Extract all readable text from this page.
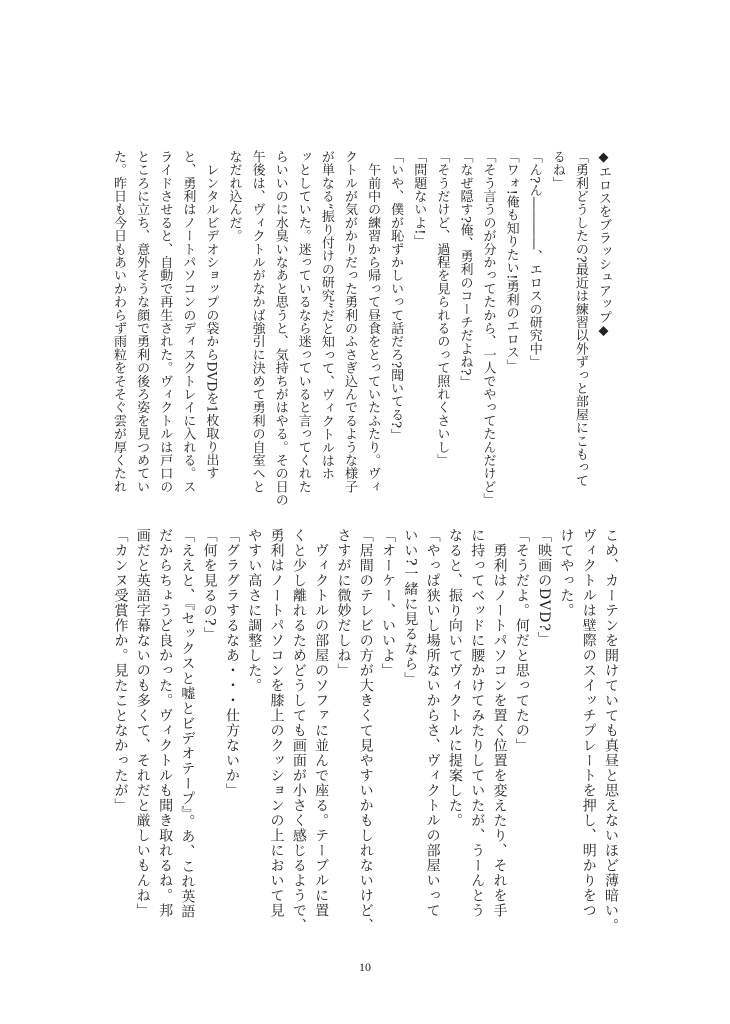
◆エロスをブラッシュアップ◆
「勇利どうしたの?最近は練習以外ずっと部屋にこもって
るね」
「ん?ん――――、エロスの研究中」
「ワォ!俺も知りたい!勇利のエロス」
「そう言うのが分かってたから、一人でやってたんだけど」
「なぜ隠す?俺、勇利のコーチだよね?」
「そうだけど、過程を見られるのって照れくさいし」
「問題ないよ!」
「いや、僕が恥ずかしいって話だろ?聞いてる?」
　午前中の練習から帰って昼食をとっていたふたり。ヴィ
クトルが気がかりだった勇利のふさぎ込んでるような様子
が単なる“振り付けの研究”だと知って、ヴィクトルはホ
ッとしていた。迷っているなら迷っていると言ってくれた
らいいのに水臭いなあと思うと、気持ちがはやる。その日の
午後は、ヴィクトルがなかば強引に決めて勇利の自室へと
なだれ込んだ。
　レンタルビデオショップの袋からDVDを1枚取り出す
と、勇利はノートパソコンのディスクトレイに入れる。ス
ライドさせると、自動で再生された。ヴィクトルは戸口の
ところに立ち、意外そうな顔で勇利の後ろ姿を見つめてい
た。昨日も今日もあいかわらず雨粒をそそぐ雲が厚くたれ
こめ、カーテンを開けていても真昼と思えないほど薄暗い。
ヴィクトルは壁際のスイッチプレートを押し、明かりをつ
けてやった。
「映画のDVD?」
「そうだよ。何だと思ってたの」
　勇利はノートパソコンを置く位置を変えたり、それを手
に持ってベッドに腰かけてみたりしていたが、うーんとう
なると、振り向いてヴィクトルに提案した。
「やっぱ狭いし場所ないからさ、ヴィクトルの部屋いって
いい?一緒に見るなら」
「オーケー、いいよ」
「居間のテレビの方が大きくて見やすいかもしれないけど、
さすがに微妙だしね」
　ヴィクトルの部屋のソファに並んで座る。テーブルに置
くと少し離れるためどうしても画面が小さく感じるようで、
勇利はノートパソコンを膝上のクッションの上において見
やすい高さに調整した。
「グラグラするなあ・・・仕方ないか」
「何を見るの?」
「ええと、『セックスと嘘とビデオテープ』。あ、これ英語
だからちょうど良かった。ヴィクトルも聞き取れるね。邦
画だと英語字幕ないのも多くて、それだと厳しいもんね」
「カンヌ受賞作か。見たことなかったが」
10
